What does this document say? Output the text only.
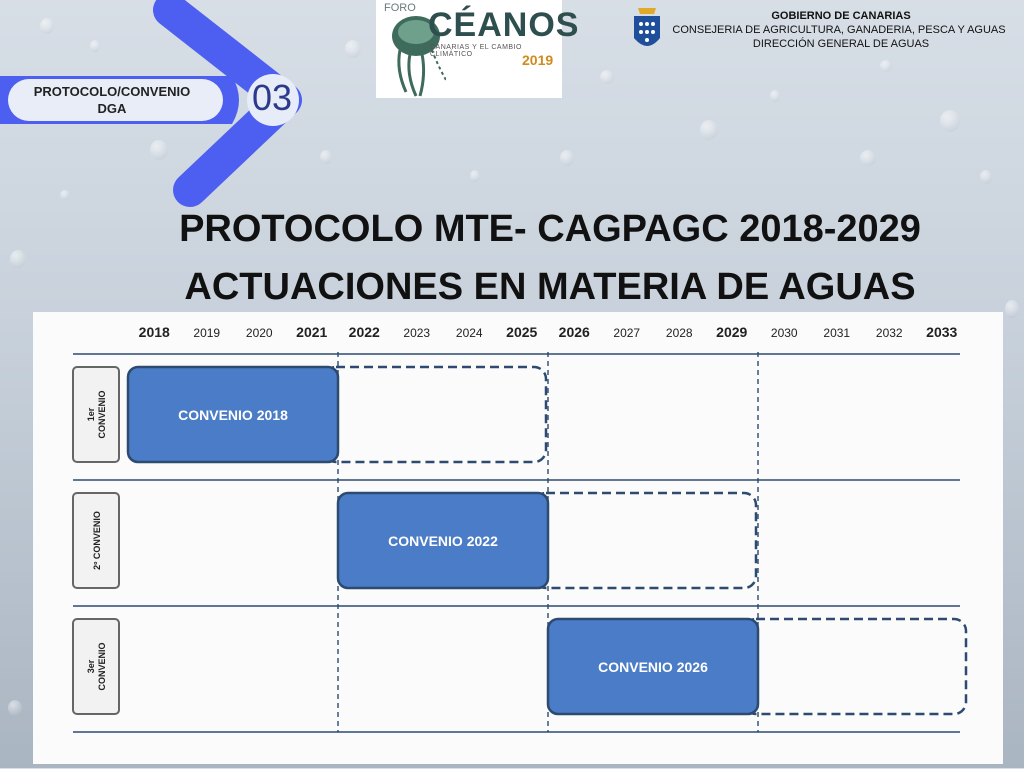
PROTOCOLO/CONVENIO
DGA	03
FORO CÉANOS
CANARIAS Y EL CAMBIO CLIMÁTICO	2019
GOBIERNO DE CANARIAS
CONSEJERIA DE AGRICULTURA, GANADERIA, PESCA Y AGUAS
DIRECCIÓN GENERAL DE AGUAS
PROTOCOLO MTE- CAGPAGC 2018-2029
ACTUACIONES EN MATERIA DE AGUAS
2018 2019 2020 2021 2022 2023 2024 2025 2026 2027 2028 2029 2030 2031 2032 2033
1erCONVENIO	CONVENIO 2018
2º CONVENIO	CONVENIO 2022
3erCONVENIO	CONVENIO 2026
